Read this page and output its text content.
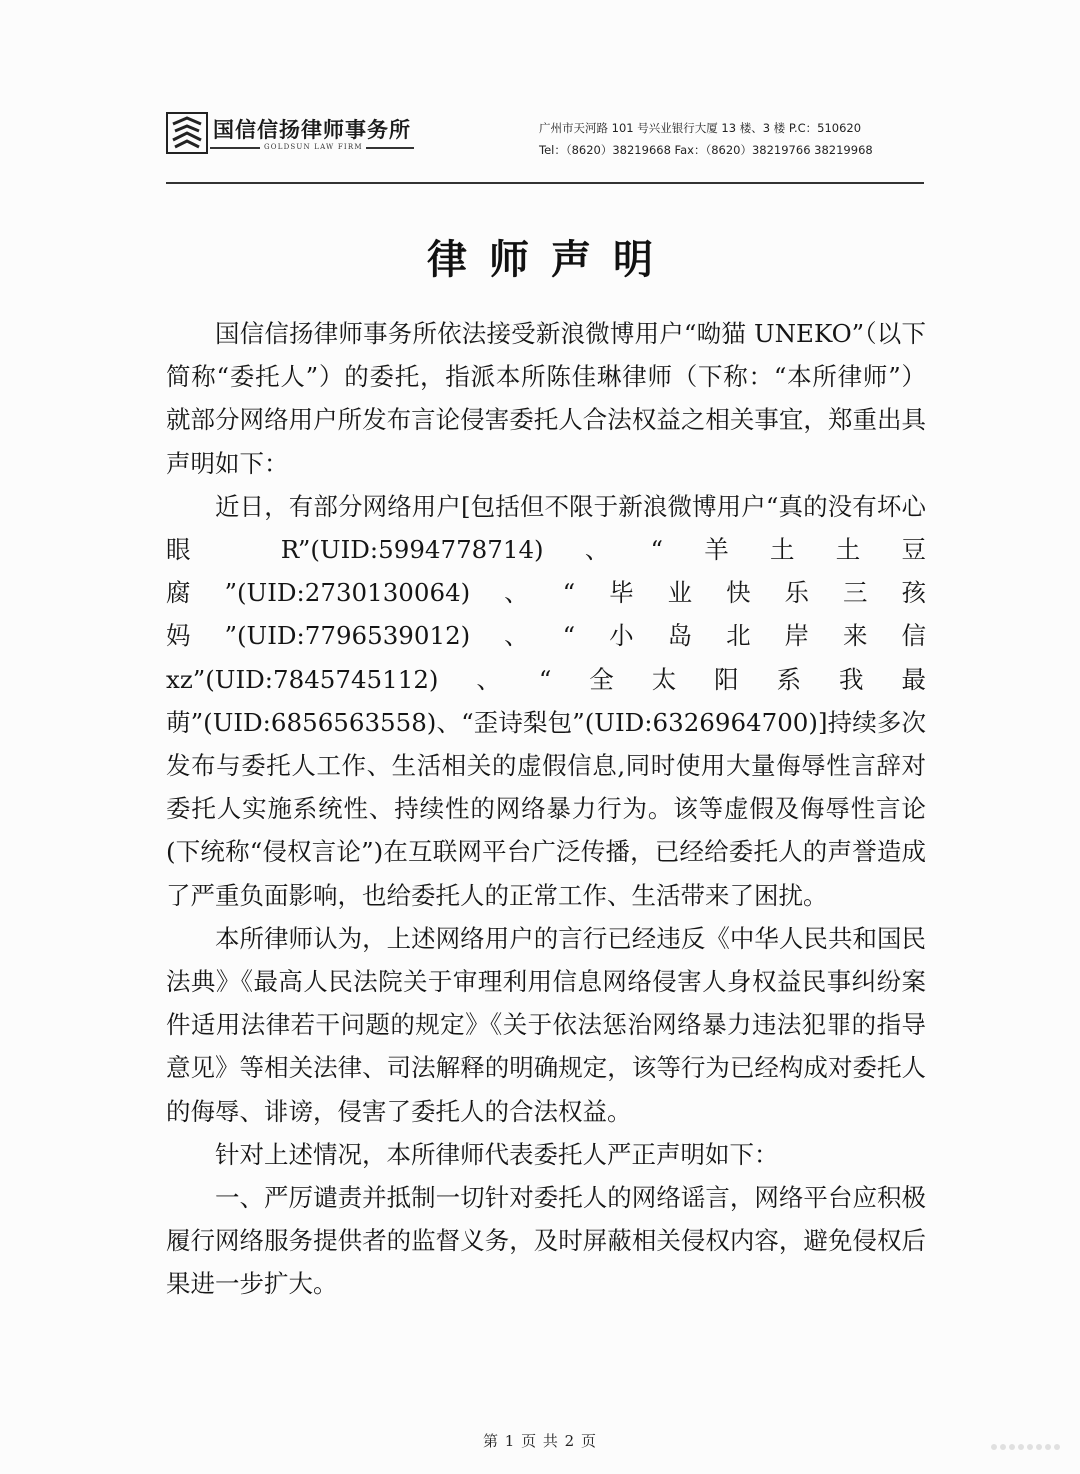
国信信扬律师事务所
GOLDSUN LAW FIRM
广州市天河路 101 号兴业银行大厦 13 楼、3 楼 P.C：510620
Tel：（8620）38219668 Fax：（8620）38219766 38219968
律师声明

国信信扬律师事务所依法接受新浪微博用户“呦猫 UNEKO”（以下简称“委托人”）的委托，指派本所陈佳琳律师（下称：“本所律师”）就部分网络用户所发布言论侵害委托人合法权益之相关事宜，郑重出具声明如下：

近日，有部分网络用户[包括但不限于新浪微博用户“真的没有坏心眼 R”(UID:5994778714)、“羊土土豆腐”(UID:2730130064)、“毕业快乐三孩妈”(UID:7796539012)、“小岛北岸来信 xz”(UID:7845745112)、“全太阳系我最萌”(UID:6856563558)、“歪诗梨包”(UID:6326964700)]持续多次发布与委托人工作、生活相关的虚假信息,同时使用大量侮辱性言辞对委托人实施系统性、持续性的网络暴力行为。该等虚假及侮辱性言论(下统称“侵权言论”)在互联网平台广泛传播，已经给委托人的声誉造成了严重负面影响，也给委托人的正常工作、生活带来了困扰。

本所律师认为，上述网络用户的言行已经违反《中华人民共和国民法典》《最高人民法院关于审理利用信息网络侵害人身权益民事纠纷案件适用法律若干问题的规定》《关于依法惩治网络暴力违法犯罪的指导意见》等相关法律、司法解释的明确规定，该等行为已经构成对委托人的侮辱、诽谤，侵害了委托人的合法权益。

针对上述情况，本所律师代表委托人严正声明如下：

一、严厉谴责并抵制一切针对委托人的网络谣言，网络平台应积极履行网络服务提供者的监督义务，及时屏蔽相关侵权内容，避免侵权后果进一步扩大。

第 1 页 共 2 页
